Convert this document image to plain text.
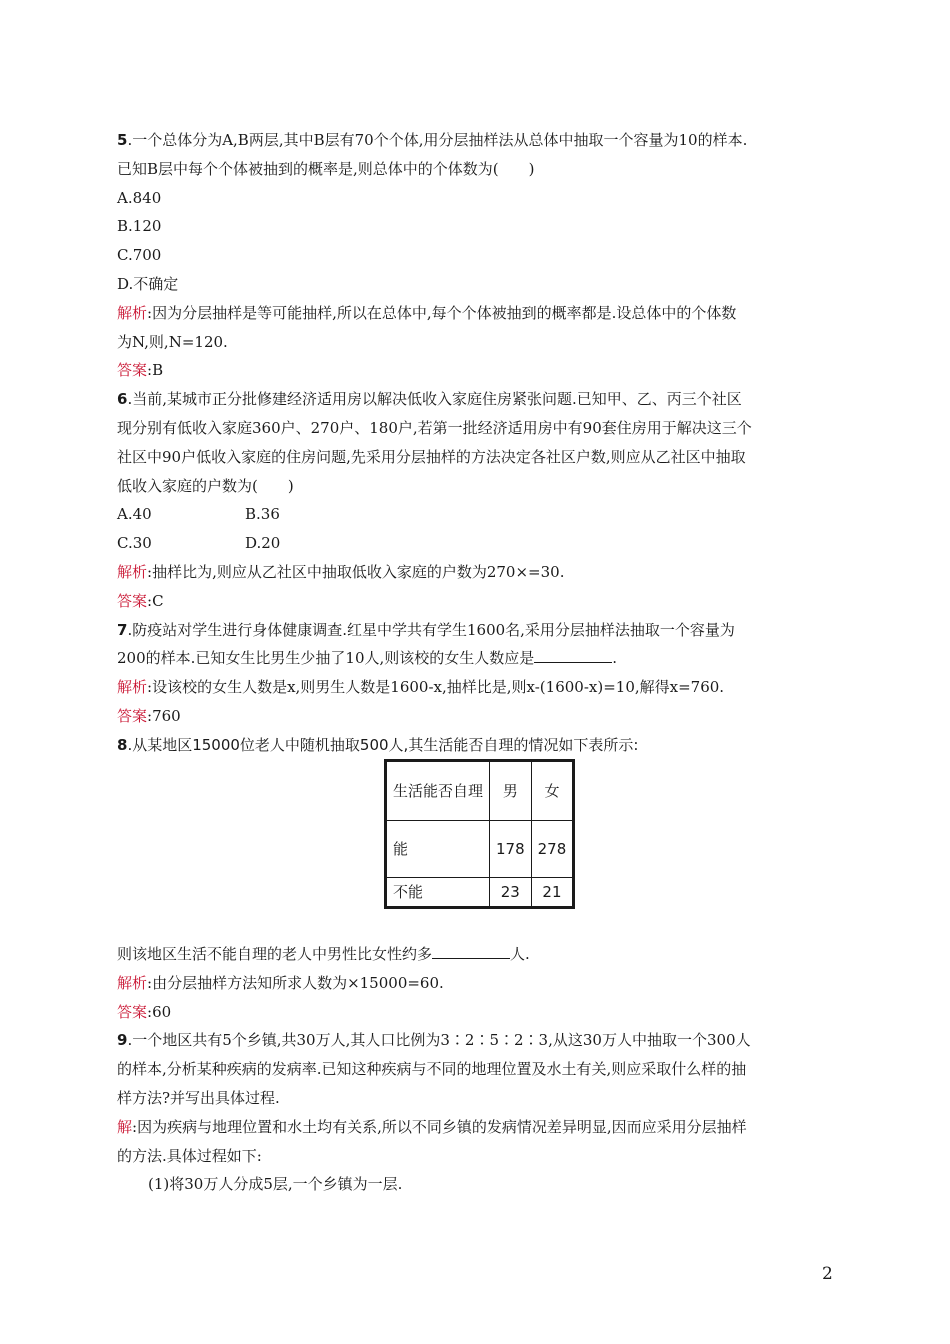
5.一个总体分为A,B两层,其中B层有70个个体,用分层抽样法从总体中抽取一个容量为10的样本.
已知B层中每个个体被抽到的概率是,则总体中的个体数为(　　)
A.840
B.120
C.700
D.不确定
解析:因为分层抽样是等可能抽样,所以在总体中,每个个体被抽到的概率都是.设总体中的个体数
为N,则,N=120.
答案:B
6.当前,某城市正分批修建经济适用房以解决低收入家庭住房紧张问题.已知甲、乙、丙三个社区
现分别有低收入家庭360户、270户、180户,若第一批经济适用房中有90套住房用于解决这三个
社区中90户低收入家庭的住房问题,先采用分层抽样的方法决定各社区户数,则应从乙社区中抽取
低收入家庭的户数为(　　)
A.40	B.36
C.30	D.20
解析:抽样比为,则应从乙社区中抽取低收入家庭的户数为270×=30.
答案:C
7.防疫站对学生进行身体健康调查.红星中学共有学生1600名,采用分层抽样法抽取一个容量为
200的样本.已知女生比男生少抽了10人,则该校的女生人数应是	.
解析:设该校的女生人数是x,则男生人数是1600-x,抽样比是,则x-(1600-x)=10,解得x=760.
答案:760
8.从某地区15000位老人中随机抽取500人,其生活能否自理的情况如下表所示:
生活能否自理	男	女
能	178	278
不能	23	21
则该地区生活不能自理的老人中男性比女性约多	人.
解析:由分层抽样方法知所求人数为×15000=60.
答案:60
9.一个地区共有5个乡镇,共30万人,其人口比例为3∶2∶5∶2∶3,从这30万人中抽取一个300人
的样本,分析某种疾病的发病率.已知这种疾病与不同的地理位置及水土有关,则应采取什么样的抽
样方法?并写出具体过程.
解:因为疾病与地理位置和水土均有关系,所以不同乡镇的发病情况差异明显,因而应采用分层抽样
的方法.具体过程如下:
(1)将30万人分成5层,一个乡镇为一层.
2
